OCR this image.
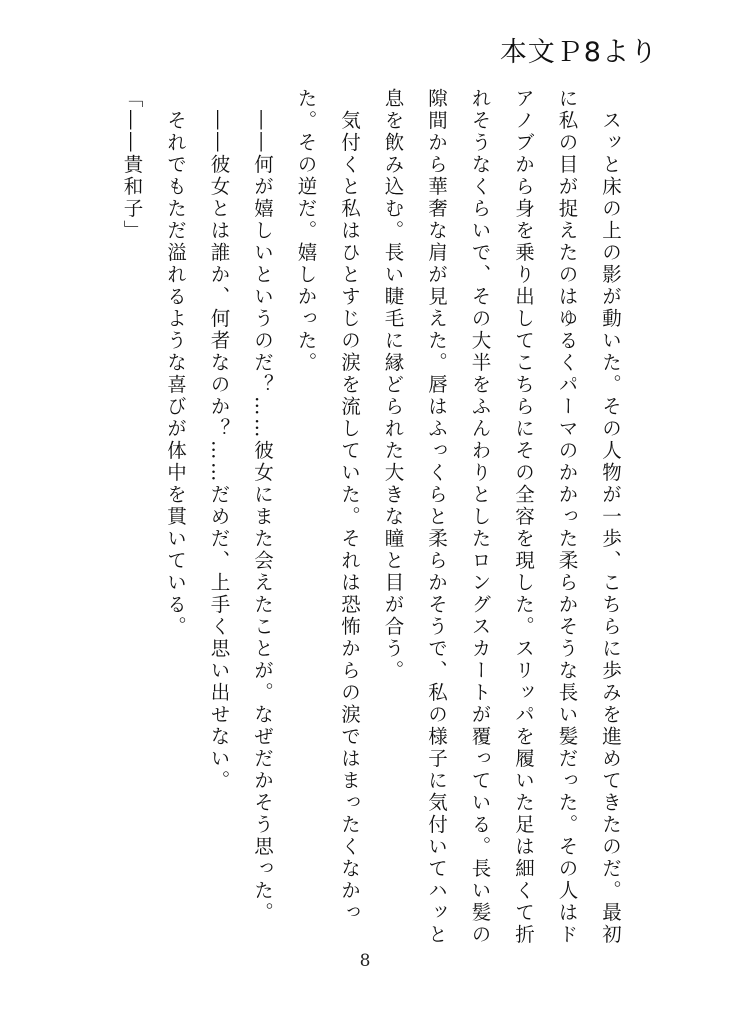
本文Ｐ8より

　スッと床の上の影が動いた。その人物が一歩、こちらに歩みを進めてきたのだ。最初に私の目が捉えたのはゆるくパーマのかかった柔らかそうな長い髪だった。その人はドアノブから身を乗り出してこちらにその全容を現した。スリッパを履いた足は細くて折れそうなくらいで、その大半をふんわりとしたロングスカートが覆っている。長い髪の隙間から華奢な肩が見えた。唇はふっくらと柔らかそうで、私の様子に気付いてハッと息を飲み込む。長い睫毛に縁どられた大きな瞳と目が合う。

　気付くと私はひとすじの涙を流していた。それは恐怖からの涙ではまったくなかった。その逆だ。嬉しかった。

　――何が嬉しいというのだ？……彼女にまた会えたことが。なぜだかそう思った。

　――彼女とは誰か、何者なのか？……だめだ、上手く思い出せない。

　それでもただ溢れるような喜びが体中を貫いている。

「――貴和子」

8
